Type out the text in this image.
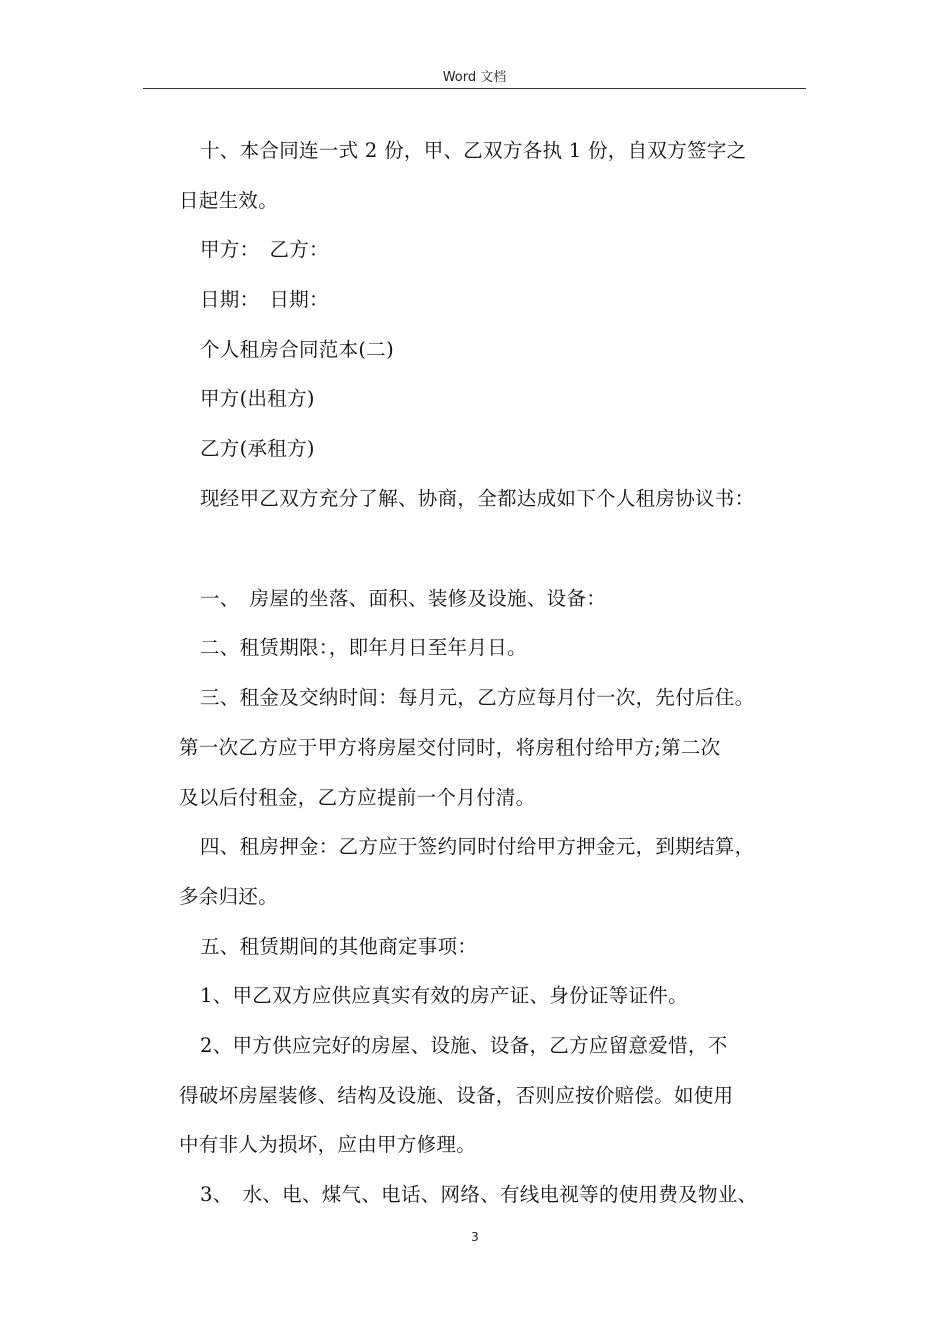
Word 文档
十、本合同连一式 2 份，甲、乙双方各执 1 份，自双方签字之
日起生效。
甲方：　乙方：
日期：　日期：
个人租房合同范本(二)
甲方(出租方)
乙方(承租方)
现经甲乙双方充分了解、协商，全都达成如下个人租房协议书：
一、　房屋的坐落、面积、装修及设施、设备：
二、租赁期限：，即年月日至年月日。
三、租金及交纳时间：每月元，乙方应每月付一次，先付后住。
第一次乙方应于甲方将房屋交付同时，将房租付给甲方;第二次
及以后付租金，乙方应提前一个月付清。
四、租房押金：乙方应于签约同时付给甲方押金元，到期结算，
多余归还。
五、租赁期间的其他商定事项：
1、甲乙双方应供应真实有效的房产证、身份证等证件。
2、甲方供应完好的房屋、设施、设备，乙方应留意爱惜，不
得破坏房屋装修、结构及设施、设备，否则应按价赔偿。如使用
中有非人为损坏，应由甲方修理。
3、　水、电、煤气、电话、网络、有线电视等的使用费及物业、
3
